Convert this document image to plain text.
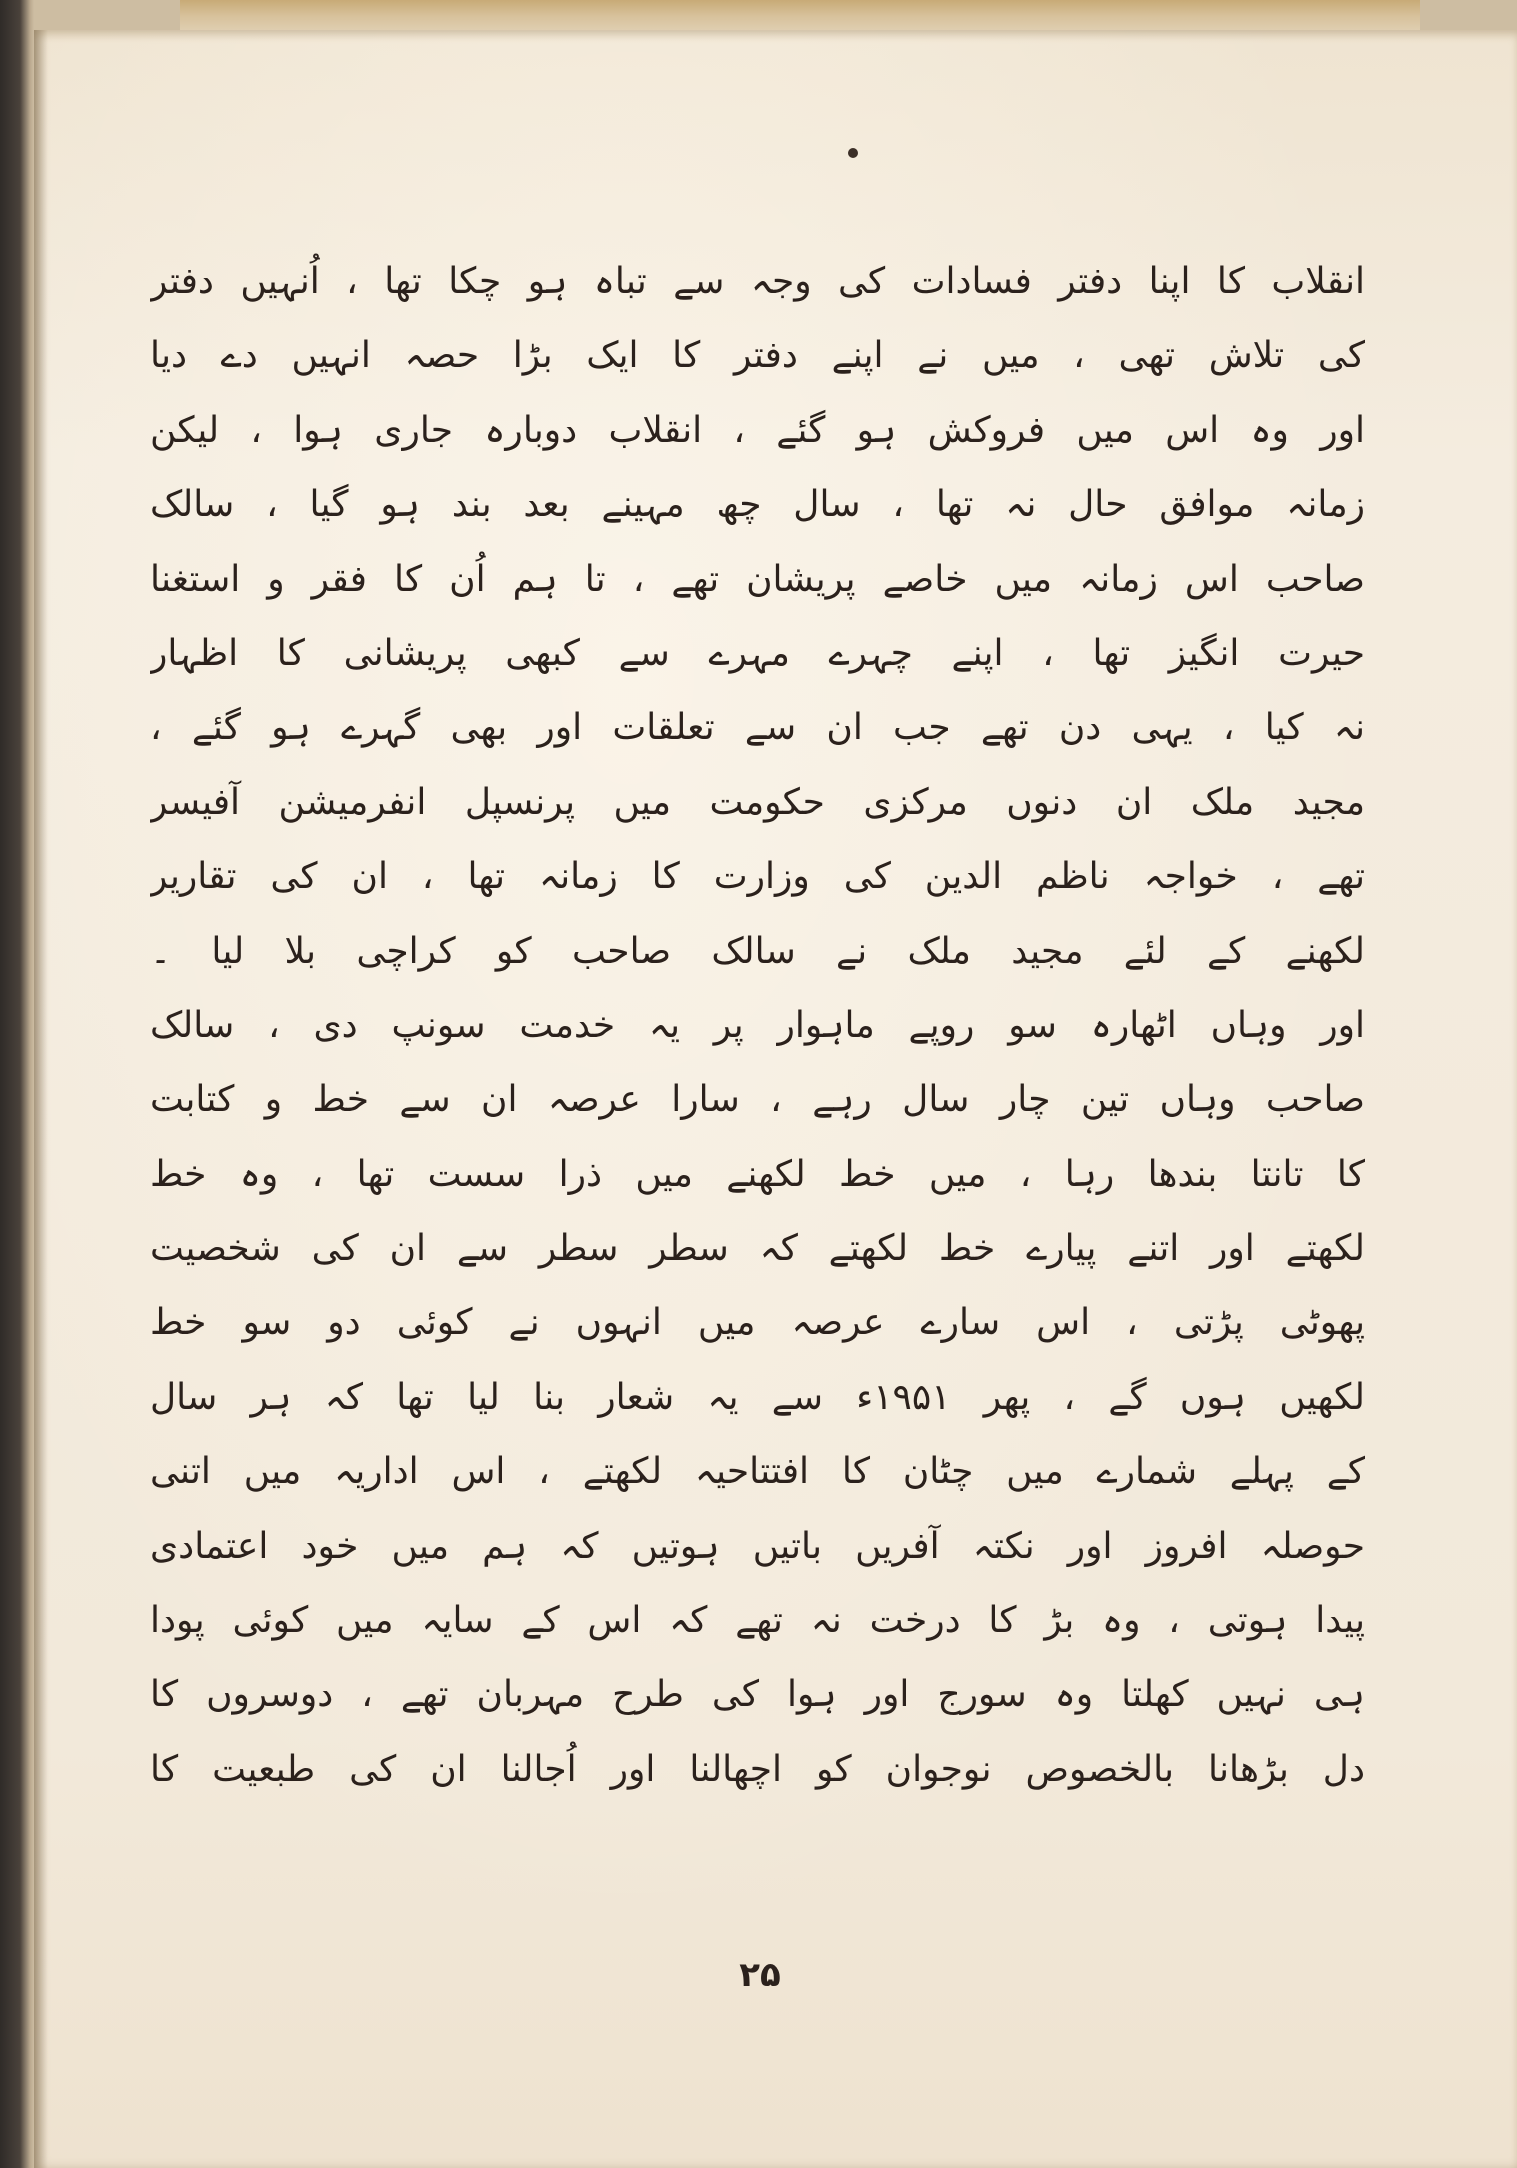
انقلاب کا اپنا دفتر فسادات کی وجہ سے تباہ ہو چکا تھا ، اُنہیں دفتر
کی تلاش تھی ، میں نے اپنے دفتر کا ایک بڑا حصہ انہیں دے دیا
اور وہ اس میں فروکش ہو گئے ، انقلاب دوبارہ جاری ہوا ، لیکن
زمانہ موافق حال نہ تھا ، سال چھ مہینے بعد بند ہو گیا ، سالک
صاحب اس زمانہ میں خاصے پریشان تھے ، تا ہم اُن کا فقر و استغنا
حیرت انگیز تھا ، اپنے چہرے مہرے سے کبھی پریشانی کا اظہار
نہ کیا ، یہی دن تھے جب ان سے تعلقات اور بھی گہرے ہو گئے ،
مجید ملک ان دنوں مرکزی حکومت میں پرنسپل انفرمیشن آفیسر
تھے ، خواجہ ناظم الدین کی وزارت کا زمانہ تھا ، ان کی تقاریر
لکھنے کے لئے مجید ملک نے سالک صاحب کو کراچی بلا لیا ۔
اور وہاں اٹھارہ سو روپے ماہوار پر یہ خدمت سونپ دی ، سالک
صاحب وہاں تین چار سال رہے ، سارا عرصہ ان سے خط و کتابت
کا تانتا بندھا رہا ، میں خط لکھنے میں ذرا سست تھا ، وہ خط
لکھتے اور اتنے پیارے خط لکھتے کہ سطر سطر سے ان کی شخصیت
پھوٹی پڑتی ، اس سارے عرصہ میں انہوں نے کوئی دو سو خط
لکھیں ہوں گے ، پھر ۱۹۵۱ء سے یہ شعار بنا لیا تھا کہ ہر سال
کے پہلے شمارے میں چٹان کا افتتاحیہ لکھتے ، اس اداریہ میں اتنی
حوصلہ افروز اور نکتہ آفریں باتیں ہوتیں کہ ہم میں خود اعتمادی
پیدا ہوتی ، وہ بڑ کا درخت نہ تھے کہ اس کے سایہ میں کوئی پودا
ہی نہیں کھلتا وہ سورج اور ہوا کی طرح مہربان تھے ، دوسروں کا
دل بڑھانا بالخصوص نوجوان کو اچھالنا اور اُجالنا ان کی طبعیت کا
۲۵
